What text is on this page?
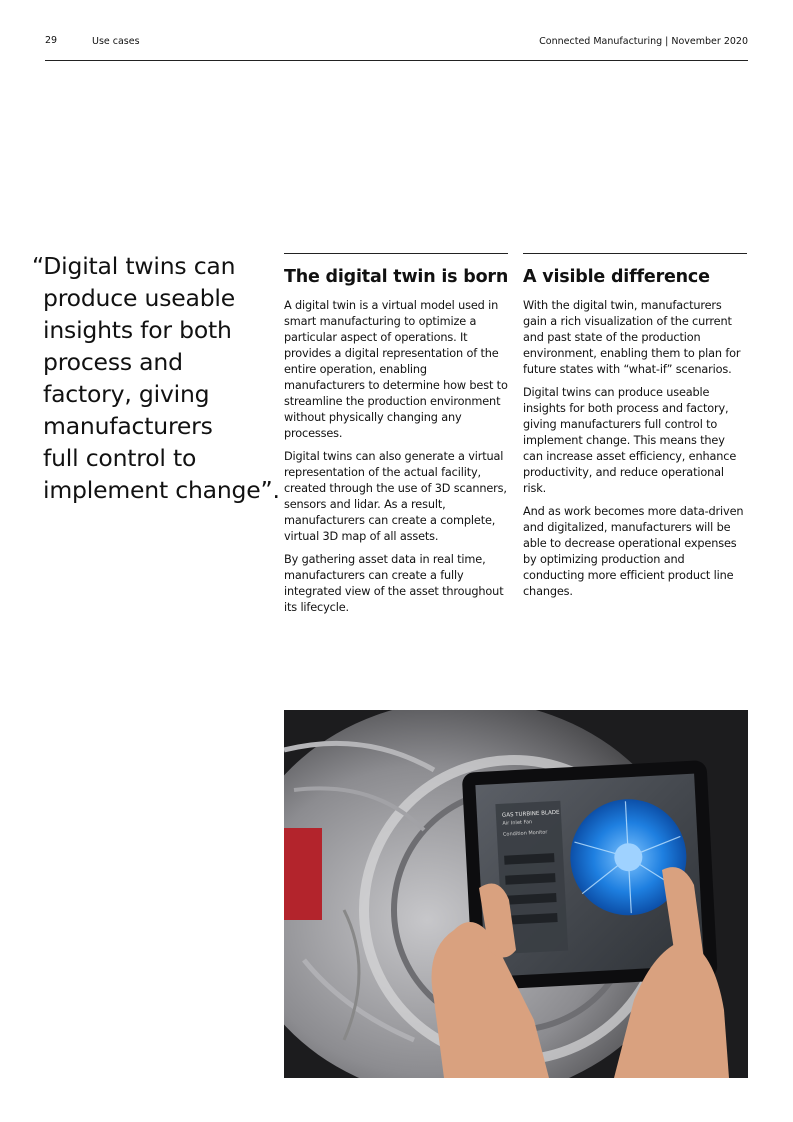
29	Use cases	Connected Manufacturing | November 2020
“Digital twins can
produce useable
insights for both
process and
factory, giving
manufacturers
full control to
implement change”.
The digital twin is born

A digital twin is a virtual model used in smart manufacturing to optimize a particular aspect of operations. It provides a digital representation of the entire operation, enabling manufacturers to determine how best to streamline the production environment without physically changing any processes.

Digital twins can also generate a virtual representation of the actual facility, created through the use of 3D scanners, sensors and lidar. As a result, manufacturers can create a complete, virtual 3D map of all assets.

By gathering asset data in real time, manufacturers can create a fully integrated view of the asset throughout its lifecycle.

A visible difference

With the digital twin, manufacturers gain a rich visualization of the current and past state of the production environment, enabling them to plan for future states with “what-if” scenarios.

Digital twins can produce useable insights for both process and factory, giving manufacturers full control to implement change. This means they can increase asset efficiency, enhance productivity, and reduce operational risk.

And as work becomes more data-driven and digitalized, manufacturers will be able to decrease operational expenses by optimizing production and conducting more efficient product line changes.

GAS TURBINE BLADE
Air Inlet Fan
Condition Monitor
